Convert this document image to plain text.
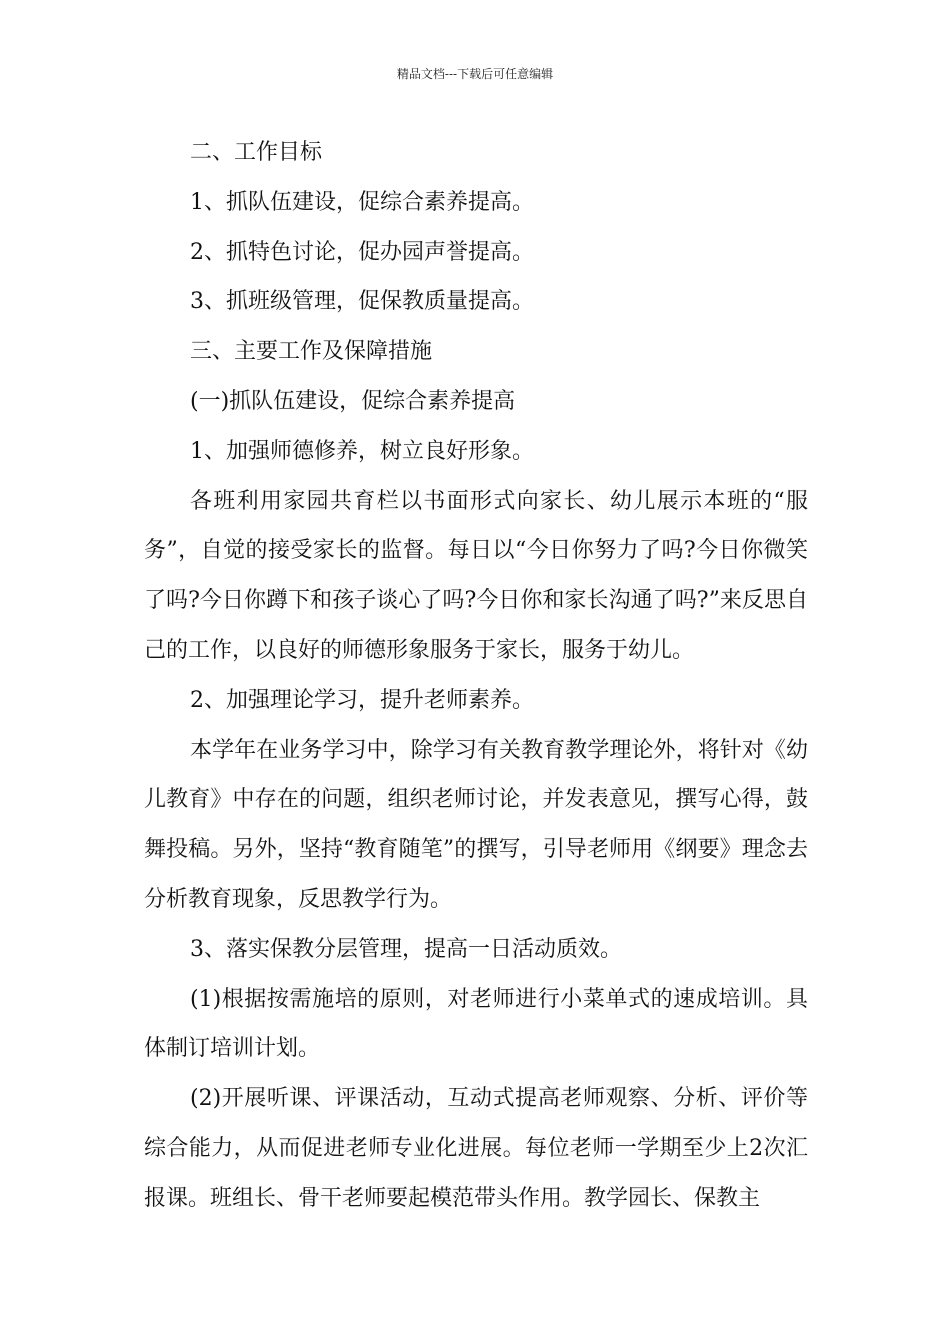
精品文档---下载后可任意编辑

二、工作目标

1、抓队伍建设，促综合素养提高。

2、抓特色讨论，促办园声誉提高。

3、抓班级管理，促保教质量提高。

三、主要工作及保障措施

(一)抓队伍建设，促综合素养提高

1、加强师德修养，树立良好形象。

各班利用家园共育栏以书面形式向家长、幼儿展示本班的“服务”，自觉的接受家长的监督。每日以“今日你努力了吗?今日你微笑了吗?今日你蹲下和孩子谈心了吗?今日你和家长沟通了吗?”来反思自己的工作，以良好的师德形象服务于家长，服务于幼儿。

2、加强理论学习，提升老师素养。

本学年在业务学习中，除学习有关教育教学理论外，将针对《幼儿教育》中存在的问题，组织老师讨论，并发表意见，撰写心得，鼓舞投稿。另外，坚持“教育随笔”的撰写，引导老师用《纲要》理念去分析教育现象，反思教学行为。

3、落实保教分层管理，提高一日活动质效。

(1)根据按需施培的原则，对老师进行小菜单式的速成培训。具体制订培训计划。

(2)开展听课、评课活动，互动式提高老师观察、分析、评价等综合能力，从而促进老师专业化进展。每位老师一学期至少上2次汇报课。班组长、骨干老师要起模范带头作用。教学园长、保教主
